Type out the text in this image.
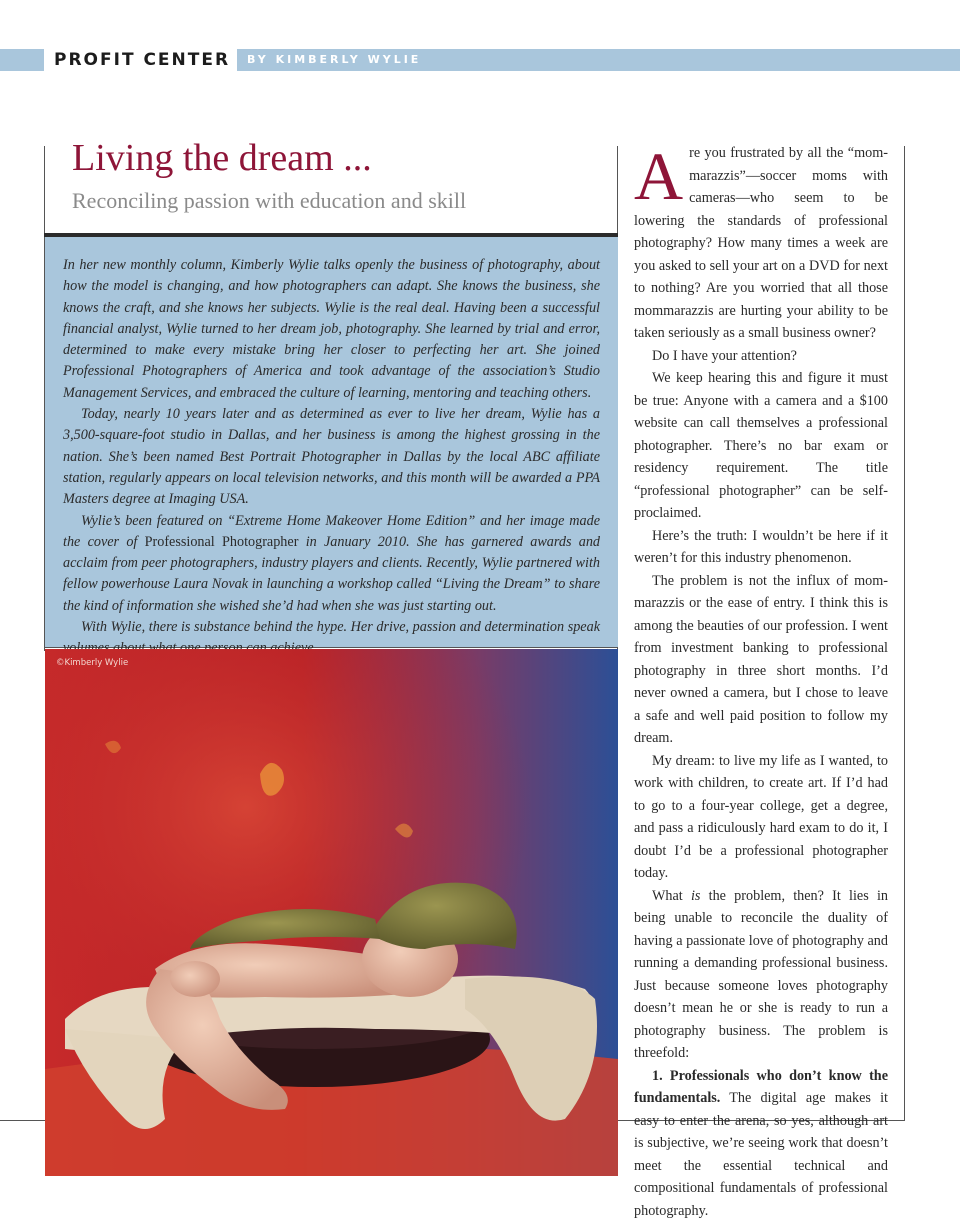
PROFIT CENTER BY KIMBERLY WYLIE
Living the dream ...
Reconciling passion with education and skill

In her new monthly column, Kimberly Wylie talks openly the business of photography, about how the model is changing, and how photographers can adapt. She knows the business, she knows the craft, and she knows her subjects. Wylie is the real deal. Having been a successful financial analyst, Wylie turned to her dream job, photography. She learned by trial and error, determined to make every mistake bring her closer to perfecting her art. She joined Professional Photographers of America and took advantage of the association’s Studio Management Services, and embraced the culture of learning, mentoring and teaching others.

Today, nearly 10 years later and as determined as ever to live her dream, Wylie has a 3,500-square-foot studio in Dallas, and her business is among the highest grossing in the nation. She’s been named Best Portrait Photographer in Dallas by the local ABC affiliate station, regularly appears on local television networks, and this month will be awarded a PPA Masters degree at Imaging USA.

Wylie’s been featured on “Extreme Home Makeover Home Edition” and her image made the cover of Professional Photographer in January 2010. She has garnered awards and acclaim from peer photographers, industry players and clients. Recently, Wylie partnered with fellow powerhouse Laura Novak in launching a workshop called “Living the Dream” to share the kind of information she wished she’d had when she was just starting out.

With Wylie, there is substance behind the hype. Her drive, passion and determination speak

©Kimberly Wylie

Are you frustrated by all the “mom-marazzis”—soccer moms with cameras—who seem to be lowering the standards of professional photography? How many times a week are you asked to sell your art on a DVD for next to nothing? Are you worried that all those mommarazzis are hurting your ability to be taken seriously as a small business owner?

Do I have your attention?

We keep hearing this and figure it must be true: Anyone with a camera and a $100 website can call themselves a professional photographer. There’s no bar exam or residency requirement. The title “professional photographer” can be self-proclaimed.

Here’s the truth: I wouldn’t be here if it weren’t for this industry phenomenon.

The problem is not the influx of mom-marazzis or the ease of entry. I think this is among the beauties of our profession. I went from investment banking to professional photography in three short months. I’d never owned a camera, but I chose to leave a safe and well paid position to follow my dream.

My dream: to live my life as I wanted, to work with children, to create art. If I’d had to go to a four-year college, get a degree, and pass a ridiculously hard exam to do it, I doubt I’d be a professional photographer today.

What is the problem, then? It lies in being unable to reconcile the duality of having a passionate love of photography and running a demanding professional business. Just because someone loves photography doesn’t mean he or she is ready to run a photography business. The problem is threefold:

1. Professionals who don’t know the fundamentals. The digital age makes it easy to enter the arena, so yes, although art is subjective, we’re seeing work that doesn’t meet the essential technical and compositional fundamentals of professional photography.
